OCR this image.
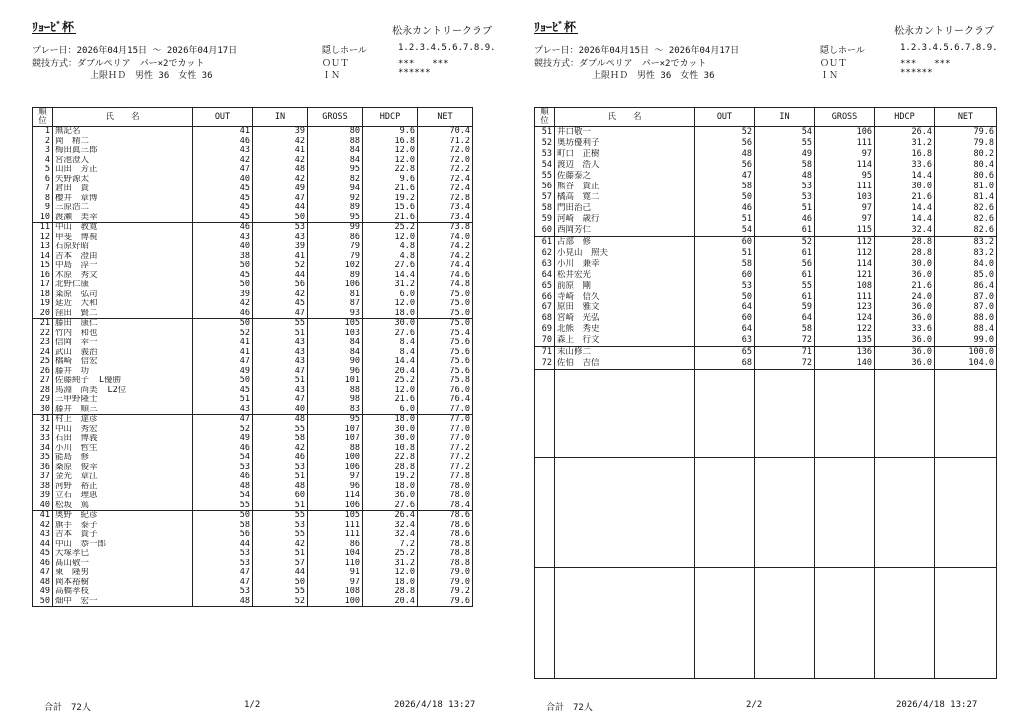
ﾘｮｰﾋﾞ杯	松永カントリークラブ
プレー日：2026年04月15日 ～ 2026年04月17日
競技方式：ダブルペリア　パー×2でカット
上限ＨＤ　男性 36　女性 36
隠しホール	1.2.3.4.5.6.7.8.9.
ＯＵＴ	***　　***
ＩＮ	******
順位	氏　　名	OUT	IN	GROSS	HDCP	NET
1	無記名	41	39	80	9.6	70.4
2	岡　精二	46	42	88	16.8	71.2
3	梅田眞三郎	43	41	84	12.0	72.0
4	宮池澄人	42	42	84	12.0	72.0
5	山田　芳正	47	48	95	22.8	72.2
6	矢野源太	40	42	82	9.6	72.4
7	倉田　貴	45	49	94	21.6	72.4
8	櫻井　章博	45	47	92	19.2	72.8
9	三原浩二	45	44	89	15.6	73.4
10	渡瀬　美幸	45	50	95	21.6	73.4
11	中山　教寛	46	53	99	25.2	73.8
12	甲斐　博視	43	43	86	12.0	74.0
13	石原好昭	40	39	79	4.8	74.2
14	吉本　澄由	38	41	79	4.8	74.2
15	中島　淳一	50	52	102	27.6	74.4
16	木原　秀文	45	44	89	14.4	74.6
17	北野仁康	50	56	106	31.2	74.8
18	粂原　弘司	39	42	81	6.0	75.0
19	延近　大和	42	45	87	12.0	75.0
20	窪田　賢二	46	47	93	18.0	75.0
21	藤田　康仁	50	55	105	30.0	75.0
22	竹内　和也	52	51	103	27.6	75.4
23	信岡　幸一	41	43	84	8.4	75.6
24	武山　義治	41	43	84	8.4	75.6
25	橋崎　信宏	47	43	90	14.4	75.6
26	藤井　功	49	47	96	20.4	75.6
27	佐藤純子 L優勝	50	51	101	25.2	75.8
28	馬淵　尚美 L2位	45	43	88	12.0	76.0
29	三甲野隆士	51	47	98	21.6	76.4
30	藤井　順三	43	40	83	6.0	77.0
31	村上　達彦	47	48	95	18.0	77.0
32	中山　秀宏	52	55	107	30.0	77.0
33	石田　博義	49	58	107	30.0	77.0
34	小川　哲生	46	42	88	10.8	77.2
35	能島　修	54	46	100	22.8	77.2
36	桑原　俊幸	53	53	106	28.8	77.2
37	金光　章江	46	51	97	19.2	77.8
38	河野　裕正	48	48	96	18.0	78.0
39	立石　理恵	54	60	114	36.0	78.0
40	松坂　篤	55	51	106	27.6	78.4
41	奥野　紀彦	50	55	105	26.4	78.6
42	旗手　泰子	58	53	111	32.4	78.6
43	吉本　貴子	56	55	111	32.4	78.6
44	中山　恭一郎	44	42	86	7.2	78.8
45	大塚孝巳	53	51	104	25.2	78.8
46	髙山敬一	53	57	110	31.2	78.8
47	東　隆男	47	44	91	12.0	79.0
48	岡本裕樹	47	50	97	18.0	79.0
49	高橋孝枝	53	55	108	28.8	79.2
50	畑中　宏一	48	52	100	20.4	79.6
合計　72人	1/2	2026/4/18 13:27
ﾘｮｰﾋﾞ杯	松永カントリークラブ
プレー日：2026年04月15日 ～ 2026年04月17日
競技方式：ダブルペリア　パー×2でカット
上限ＨＤ　男性 36　女性 36
隠しホール	1.2.3.4.5.6.7.8.9.
ＯＵＴ	***　　***
ＩＮ	******
順位	氏　　名	OUT	IN	GROSS	HDCP	NET
51	井口敬一	52	54	106	26.4	79.6
52	奥坊優利子	56	55	111	31.2	79.8
53	町口　正樹	48	49	97	16.8	80.2
54	渡辺　浩人	56	58	114	33.6	80.4
55	佐藤泰之	47	48	95	14.4	80.6
56	熊谷　貴正	58	53	111	30.0	81.0
57	橘高　寛二	50	53	103	21.6	81.4
58	門田治己	46	51	97	14.4	82.6
59	河崎　歳行	51	46	97	14.4	82.6
60	西岡芳仁	54	61	115	32.4	82.6
61	占部　修	60	52	112	28.8	83.2
62	小見山　照夫	51	61	112	28.8	83.2
63	小川　兼幸	58	56	114	30.0	84.0
64	松井宏光	60	61	121	36.0	85.0
65	前原　剛	53	55	108	21.6	86.4
66	寺崎　信久	50	61	111	24.0	87.0
67	原田　雅文	64	59	123	36.0	87.0
68	宮崎　光弘	60	64	124	36.0	88.0
69	北熊　秀史	64	58	122	33.6	88.4
70	森上　行文	63	72	135	36.0	99.0
71	末山修二	65	71	136	36.0	100.0
72	佐伯　吉信	68	72	140	36.0	104.0

合計　72人	2/2	2026/4/18 13:27
